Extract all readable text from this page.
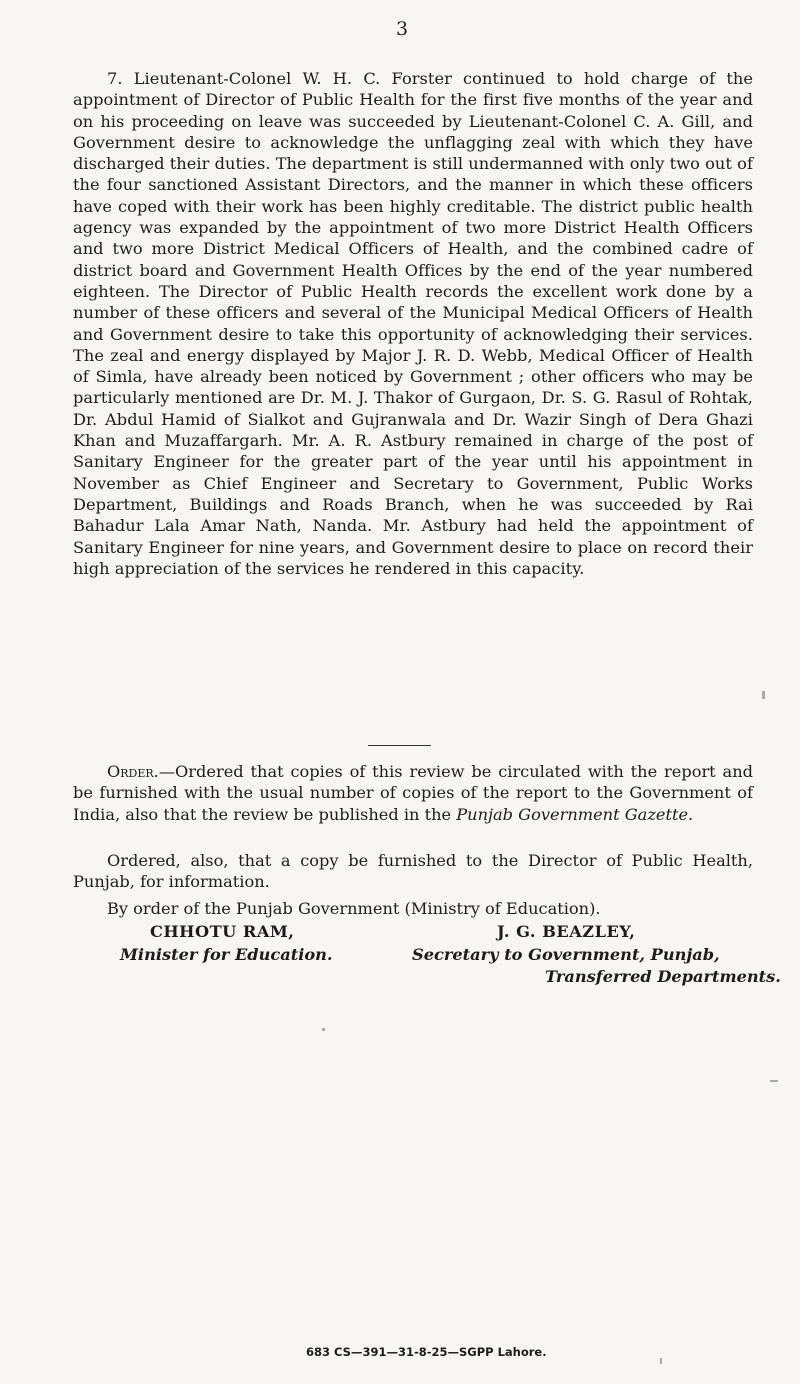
3

7. Lieutenant-Colonel W. H. C. Forster continued to hold charge of the appointment of Director of Public Health for the first five months of the year and on his proceeding on leave was succeeded by Lieutenant-Colonel C. A. Gill, and Government desire to acknowledge the unflagging zeal with which they have discharged their duties. The department is still undermanned with only two out of the four sanctioned Assistant Directors, and the manner in which these officers have coped with their work has been highly creditable. The district public health agency was expanded by the appointment of two more District Health Officers and two more District Medical Officers of Health, and the combined cadre of district board and Government Health Offices by the end of the year numbered eighteen. The Director of Public Health records the excellent work done by a number of these officers and several of the Municipal Medical Officers of Health and Government desire to take this opportunity of acknowledging their services. The zeal and energy displayed by Major J. R. D. Webb, Medical Officer of Health of Simla, have already been noticed by Government ; other officers who may be particularly mentioned are Dr. M. J. Thakor of Gurgaon, Dr. S. G. Rasul of Rohtak, Dr. Abdul Hamid of Sialkot and Gujranwala and Dr. Wazir Singh of Dera Ghazi Khan and Muzaffargarh. Mr. A. R. Astbury remained in charge of the post of Sanitary Engineer for the greater part of the year until his appointment in November as Chief Engineer and Secretary to Government, Public Works Department, Buildings and Roads Branch, when he was succeeded by Rai Bahadur Lala Amar Nath, Nanda. Mr. Astbury had held the appointment of Sanitary Engineer for nine years, and Government desire to place on record their high appreciation of the services he rendered in this capacity.

Order.—Ordered that copies of this review be circulated with the report and be furnished with the usual number of copies of the report to the Government of India, also that the review be published in the Punjab Government Gazette.

Ordered, also, that a copy be furnished to the Director of Public Health, Punjab, for information.

By order of the Punjab Government (Ministry of Education).

CHHOTU RAM,	J. G. BEAZLEY,
Minister for Education.	Secretary to Government, Punjab,
Transferred Departments.
683 CS—391—31-8-25—SGPP Lahore.
